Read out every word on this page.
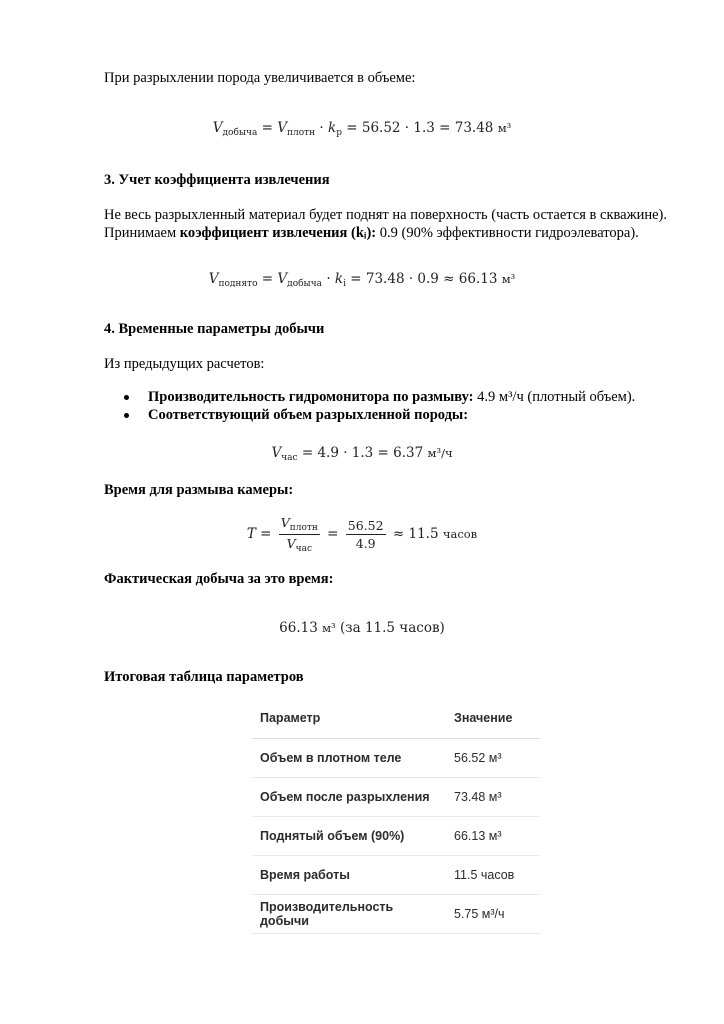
При разрыхлении порода увеличивается в объеме:
$V_{добыча} = V_{плотн} \cdot k_p = 56.52 \cdot 1.3 = 73.48$ м³
3. Учет коэффициента извлечения
Не весь разрыхленный материал будет поднят на поверхность (часть остается в скважине).
Принимаем коэффициент извлечения (kᵢ): 0.9 (90% эффективности гидроэлеватора).
$V_{поднято} = V_{добыча} \cdot k_i = 73.48 \cdot 0.9 \approx 66.13$ м³
4. Временные параметры добычи
Из предыдущих расчетов:
Производительность гидромонитора по размыву: 4.9 м³/ч (плотный объем).
Соответствующий объем разрыхленной породы:
$V_{час} = 4.9 \cdot 1.3 = 6.37$ м³/ч
Время для размыва камеры:
$T = \frac{V_{плотн}}{V_{час}} = \frac{56.52}{4.9} \approx 11.5$ часов
Фактическая добыча за это время:
66.13 м³ (за 11.5 часов)
Итоговая таблица параметров
Параметр	Значение
Объем в плотном теле	56.52 м³
Объем после разрыхления	73.48 м³
Поднятый объем (90%)	66.13 м³
Время работы	11.5 часов
Производительность добычи	5.75 м³/ч
